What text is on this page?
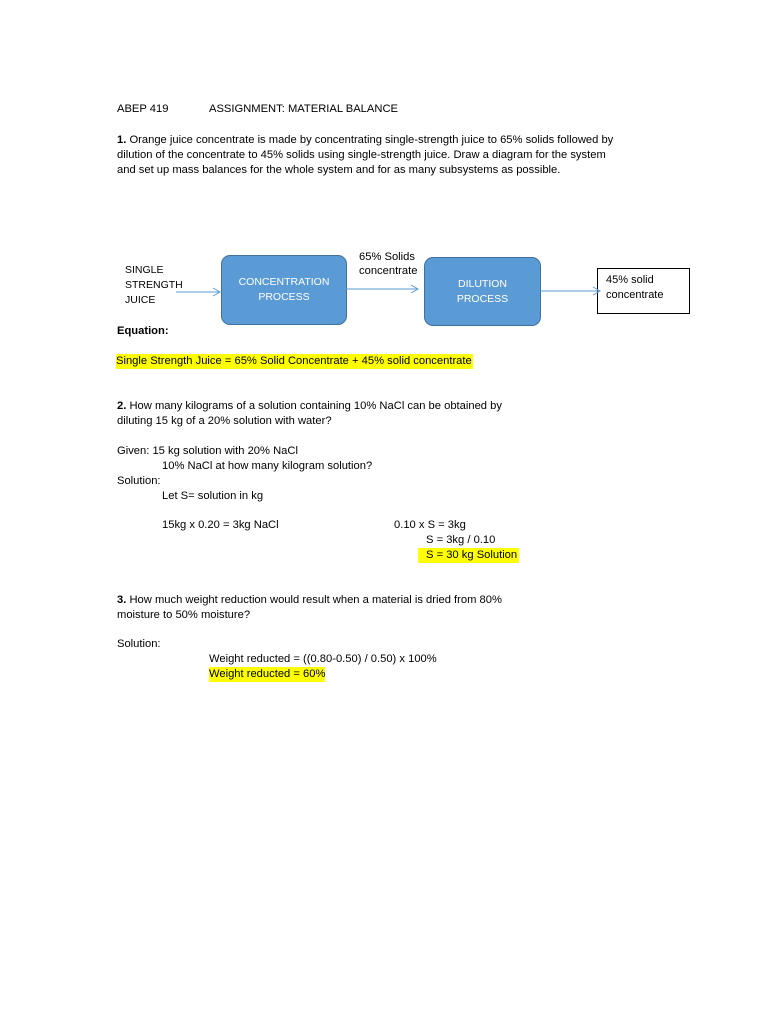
ABEP 419	ASSIGNMENT: MATERIAL BALANCE
1. Orange juice concentrate is made by concentrating single-strength juice to 65% solids followed by
dilution of the concentrate to 45% solids using single-strength juice. Draw a diagram for the system
and set up mass balances for the whole system and for as many subsystems as possible.
SINGLE
STRENGTH
JUICE
CONCENTRATION
PROCESS
65% Solids
concentrate
DILUTION
PROCESS
45% solid
concentrate
Equation:
Single Strength Juice = 65% Solid Concentrate + 45% solid concentrate
2. How many kilograms of a solution containing 10% NaCl can be obtained by
diluting 15 kg of a 20% solution with water?
Given: 15 kg solution with 20% NaCl
10% NaCl at how many kilogram solution?
Solution:
Let S= solution in kg
15kg x 0.20 = 3kg NaCl	0.10 x S = 3kg
S = 3kg / 0.10
S = 30 kg Solution
3. How much weight reduction would result when a material is dried from 80%
moisture to 50% moisture?
Solution:
Weight reducted = ((0.80-0.50) / 0.50) x 100%
Weight reducted = 60%
